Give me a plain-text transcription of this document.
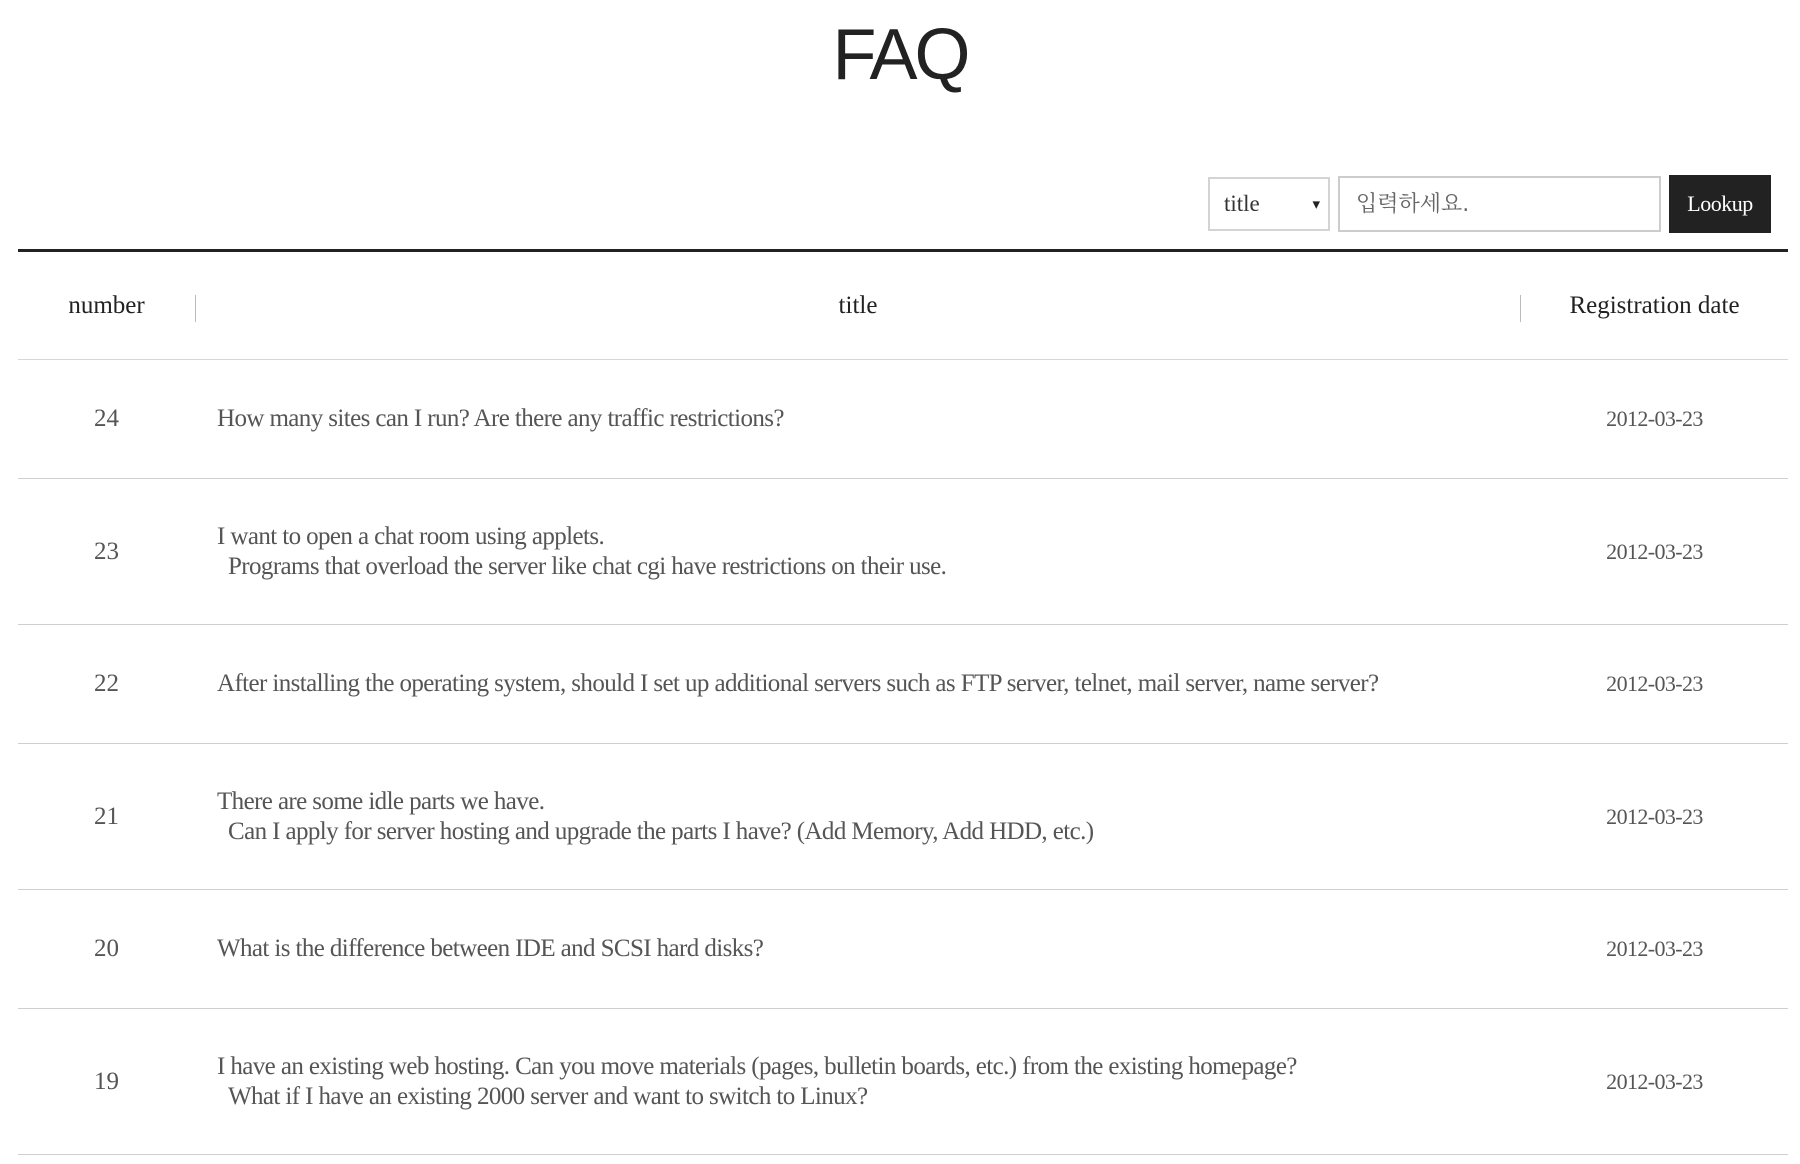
FAQ
title	▾
입력하세요.	Lookup
number	title	Registration date
24	How many sites can I run? Are there any traffic restrictions?	2012-03-23
23	I want to open a chat room using applets.
Programs that overload the server like chat cgi have restrictions on their use.	2012-03-23
22	After installing the operating system, should I set up additional servers such as FTP server, telnet, mail server, name server?	2012-03-23
21	There are some idle parts we have.
Can I apply for server hosting and upgrade the parts I have? (Add Memory, Add HDD, etc.)	2012-03-23
20	What is the difference between IDE and SCSI hard disks?	2012-03-23
19	I have an existing web hosting. Can you move materials (pages, bulletin boards, etc.) from the existing homepage?
What if I have an existing 2000 server and want to switch to Linux?	2012-03-23
